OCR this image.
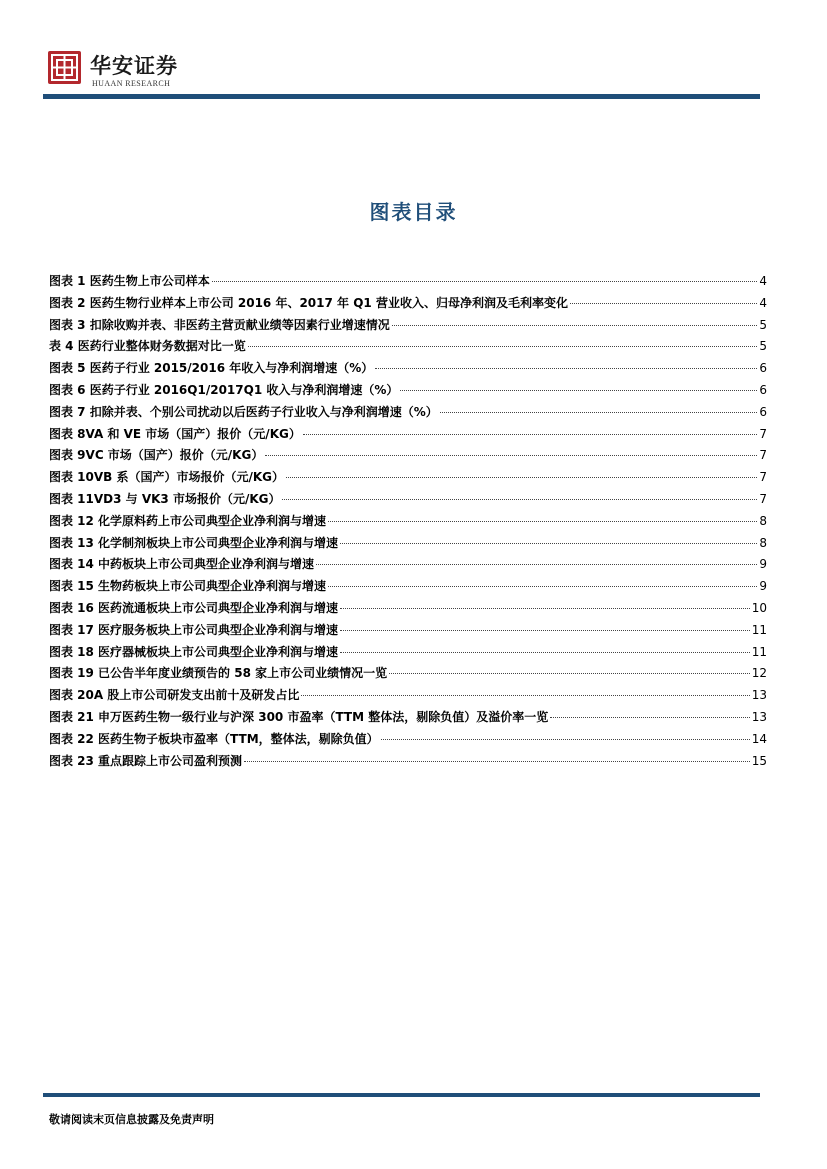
华安证券
HUAAN RESEARCH
图表目录
图表 1 医药生物上市公司样本	4
图表 2 医药生物行业样本上市公司 2016 年、2017 年 Q1 营业收入、归母净利润及毛利率变化	4
图表 3 扣除收购并表、非医药主营贡献业绩等因素行业增速情况	5
表 4 医药行业整体财务数据对比一览	5
图表 5 医药子行业 2015/2016 年收入与净利润增速（%）	6
图表 6 医药子行业 2016Q1/2017Q1 收入与净利润增速（%）	6
图表 7 扣除并表、个别公司扰动以后医药子行业收入与净利润增速（%）	6
图表 8VA 和 VE 市场（国产）报价（元/KG）	7
图表 9VC 市场（国产）报价（元/KG）	7
图表 10VB 系（国产）市场报价（元/KG）	7
图表 11VD3 与 VK3 市场报价（元/KG）	7
图表 12 化学原料药上市公司典型企业净利润与增速	8
图表 13 化学制剂板块上市公司典型企业净利润与增速	8
图表 14 中药板块上市公司典型企业净利润与增速	9
图表 15 生物药板块上市公司典型企业净利润与增速	9
图表 16 医药流通板块上市公司典型企业净利润与增速	10
图表 17 医疗服务板块上市公司典型企业净利润与增速	11
图表 18 医疗器械板块上市公司典型企业净利润与增速	11
图表 19 已公告半年度业绩预告的 58 家上市公司业绩情况一览	12
图表 20A 股上市公司研发支出前十及研发占比	13
图表 21 申万医药生物一级行业与沪深 300 市盈率（TTM 整体法，剔除负值）及溢价率一览	13
图表 22 医药生物子板块市盈率（TTM，整体法，剔除负值）	14
图表 23 重点跟踪上市公司盈利预测	15
敬请阅读末页信息披露及免责声明
